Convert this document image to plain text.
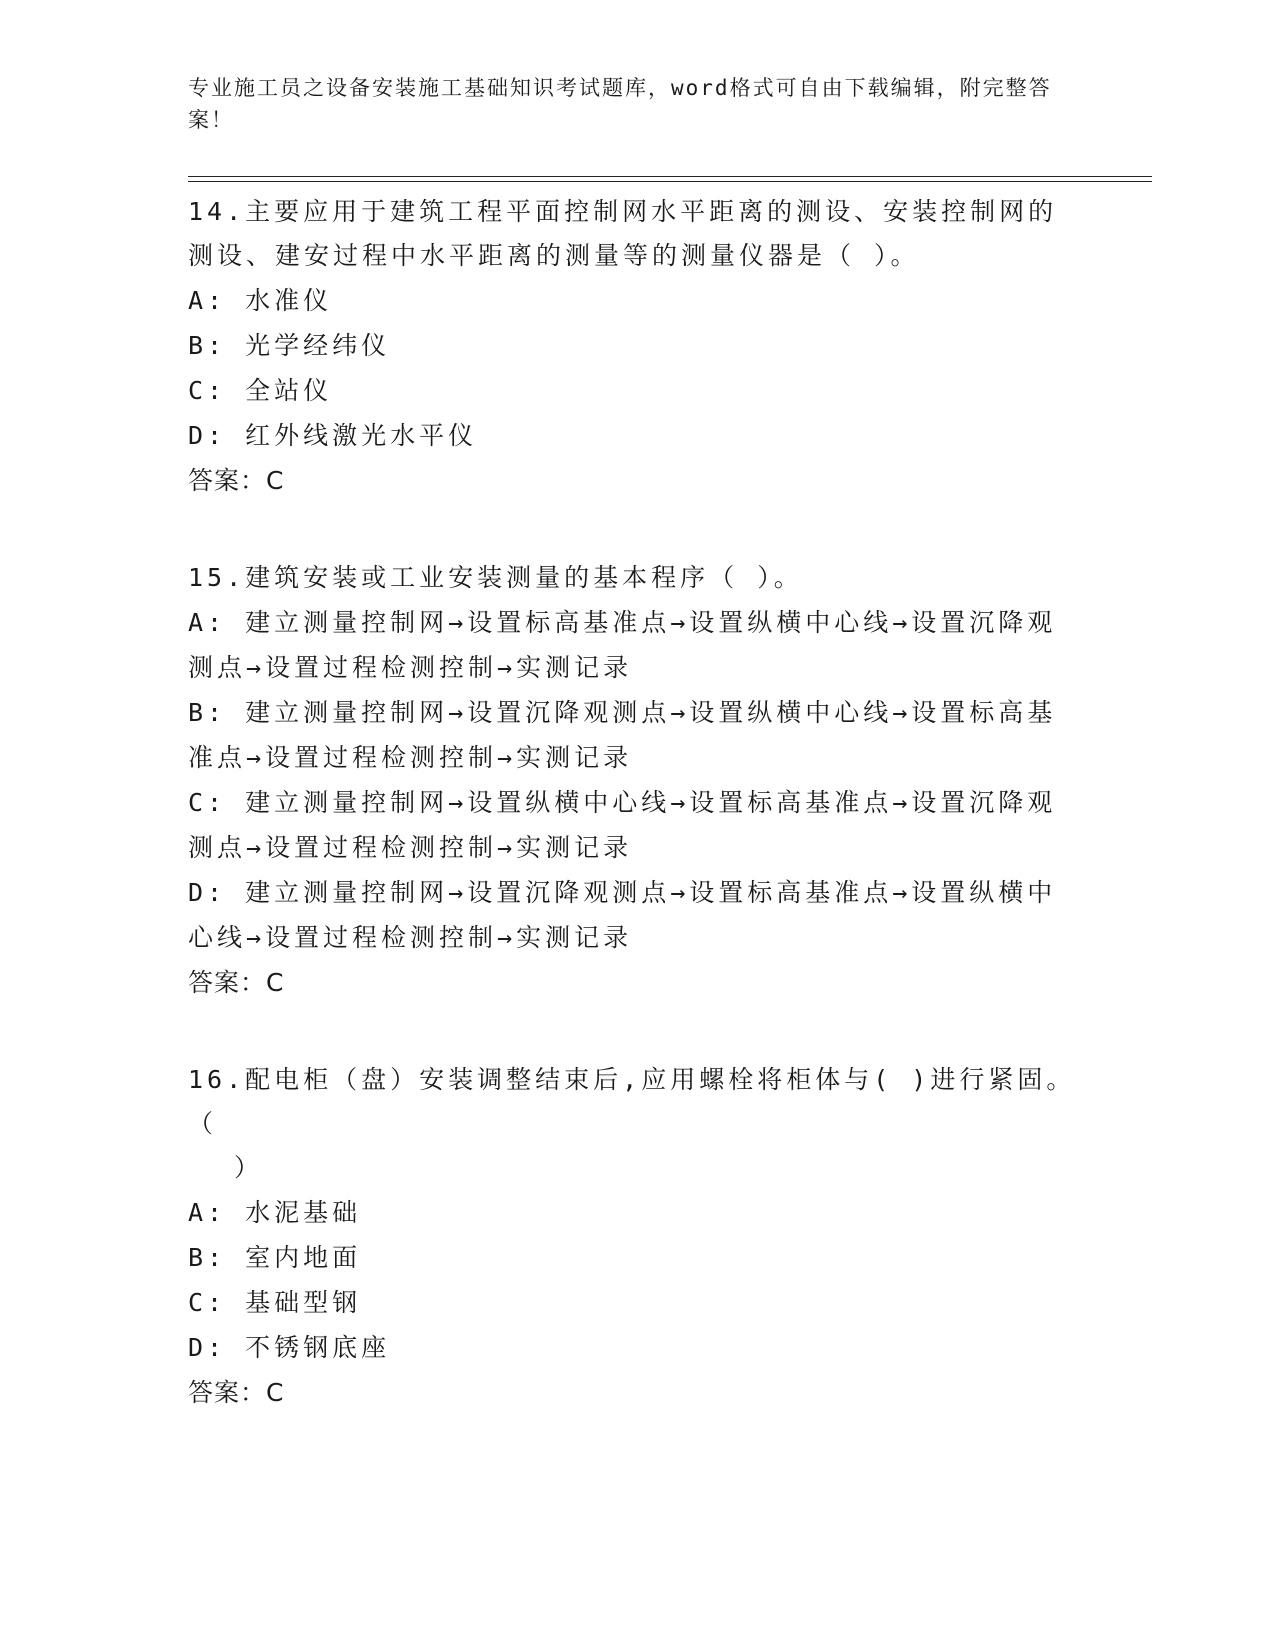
专业施工员之设备安装施工基础知识考试题库，word格式可自由下载编辑，附完整答案！

14.主要应用于建筑工程平面控制网水平距离的测设、安装控制网的测设、建安过程中水平距离的测量等的测量仪器是（ ）。

A: 水准仪

B: 光学经纬仪

C: 全站仪

D: 红外线激光水平仪

答案：C

15.建筑安装或工业安装测量的基本程序（ ）。

A: 建立测量控制网→设置标高基准点→设置纵横中心线→设置沉降观测点→设置过程检测控制→实测记录

B: 建立测量控制网→设置沉降观测点→设置纵横中心线→设置标高基准点→设置过程检测控制→实测记录

C: 建立测量控制网→设置纵横中心线→设置标高基准点→设置沉降观测点→设置过程检测控制→实测记录

D: 建立测量控制网→设置沉降观测点→设置标高基准点→设置纵横中心线→设置过程检测控制→实测记录

答案：C

16.配电柜（盘）安装调整结束后,应用螺栓将柜体与( )进行紧固。（
）

A: 水泥基础

B: 室内地面

C: 基础型钢

D: 不锈钢底座

答案：C
